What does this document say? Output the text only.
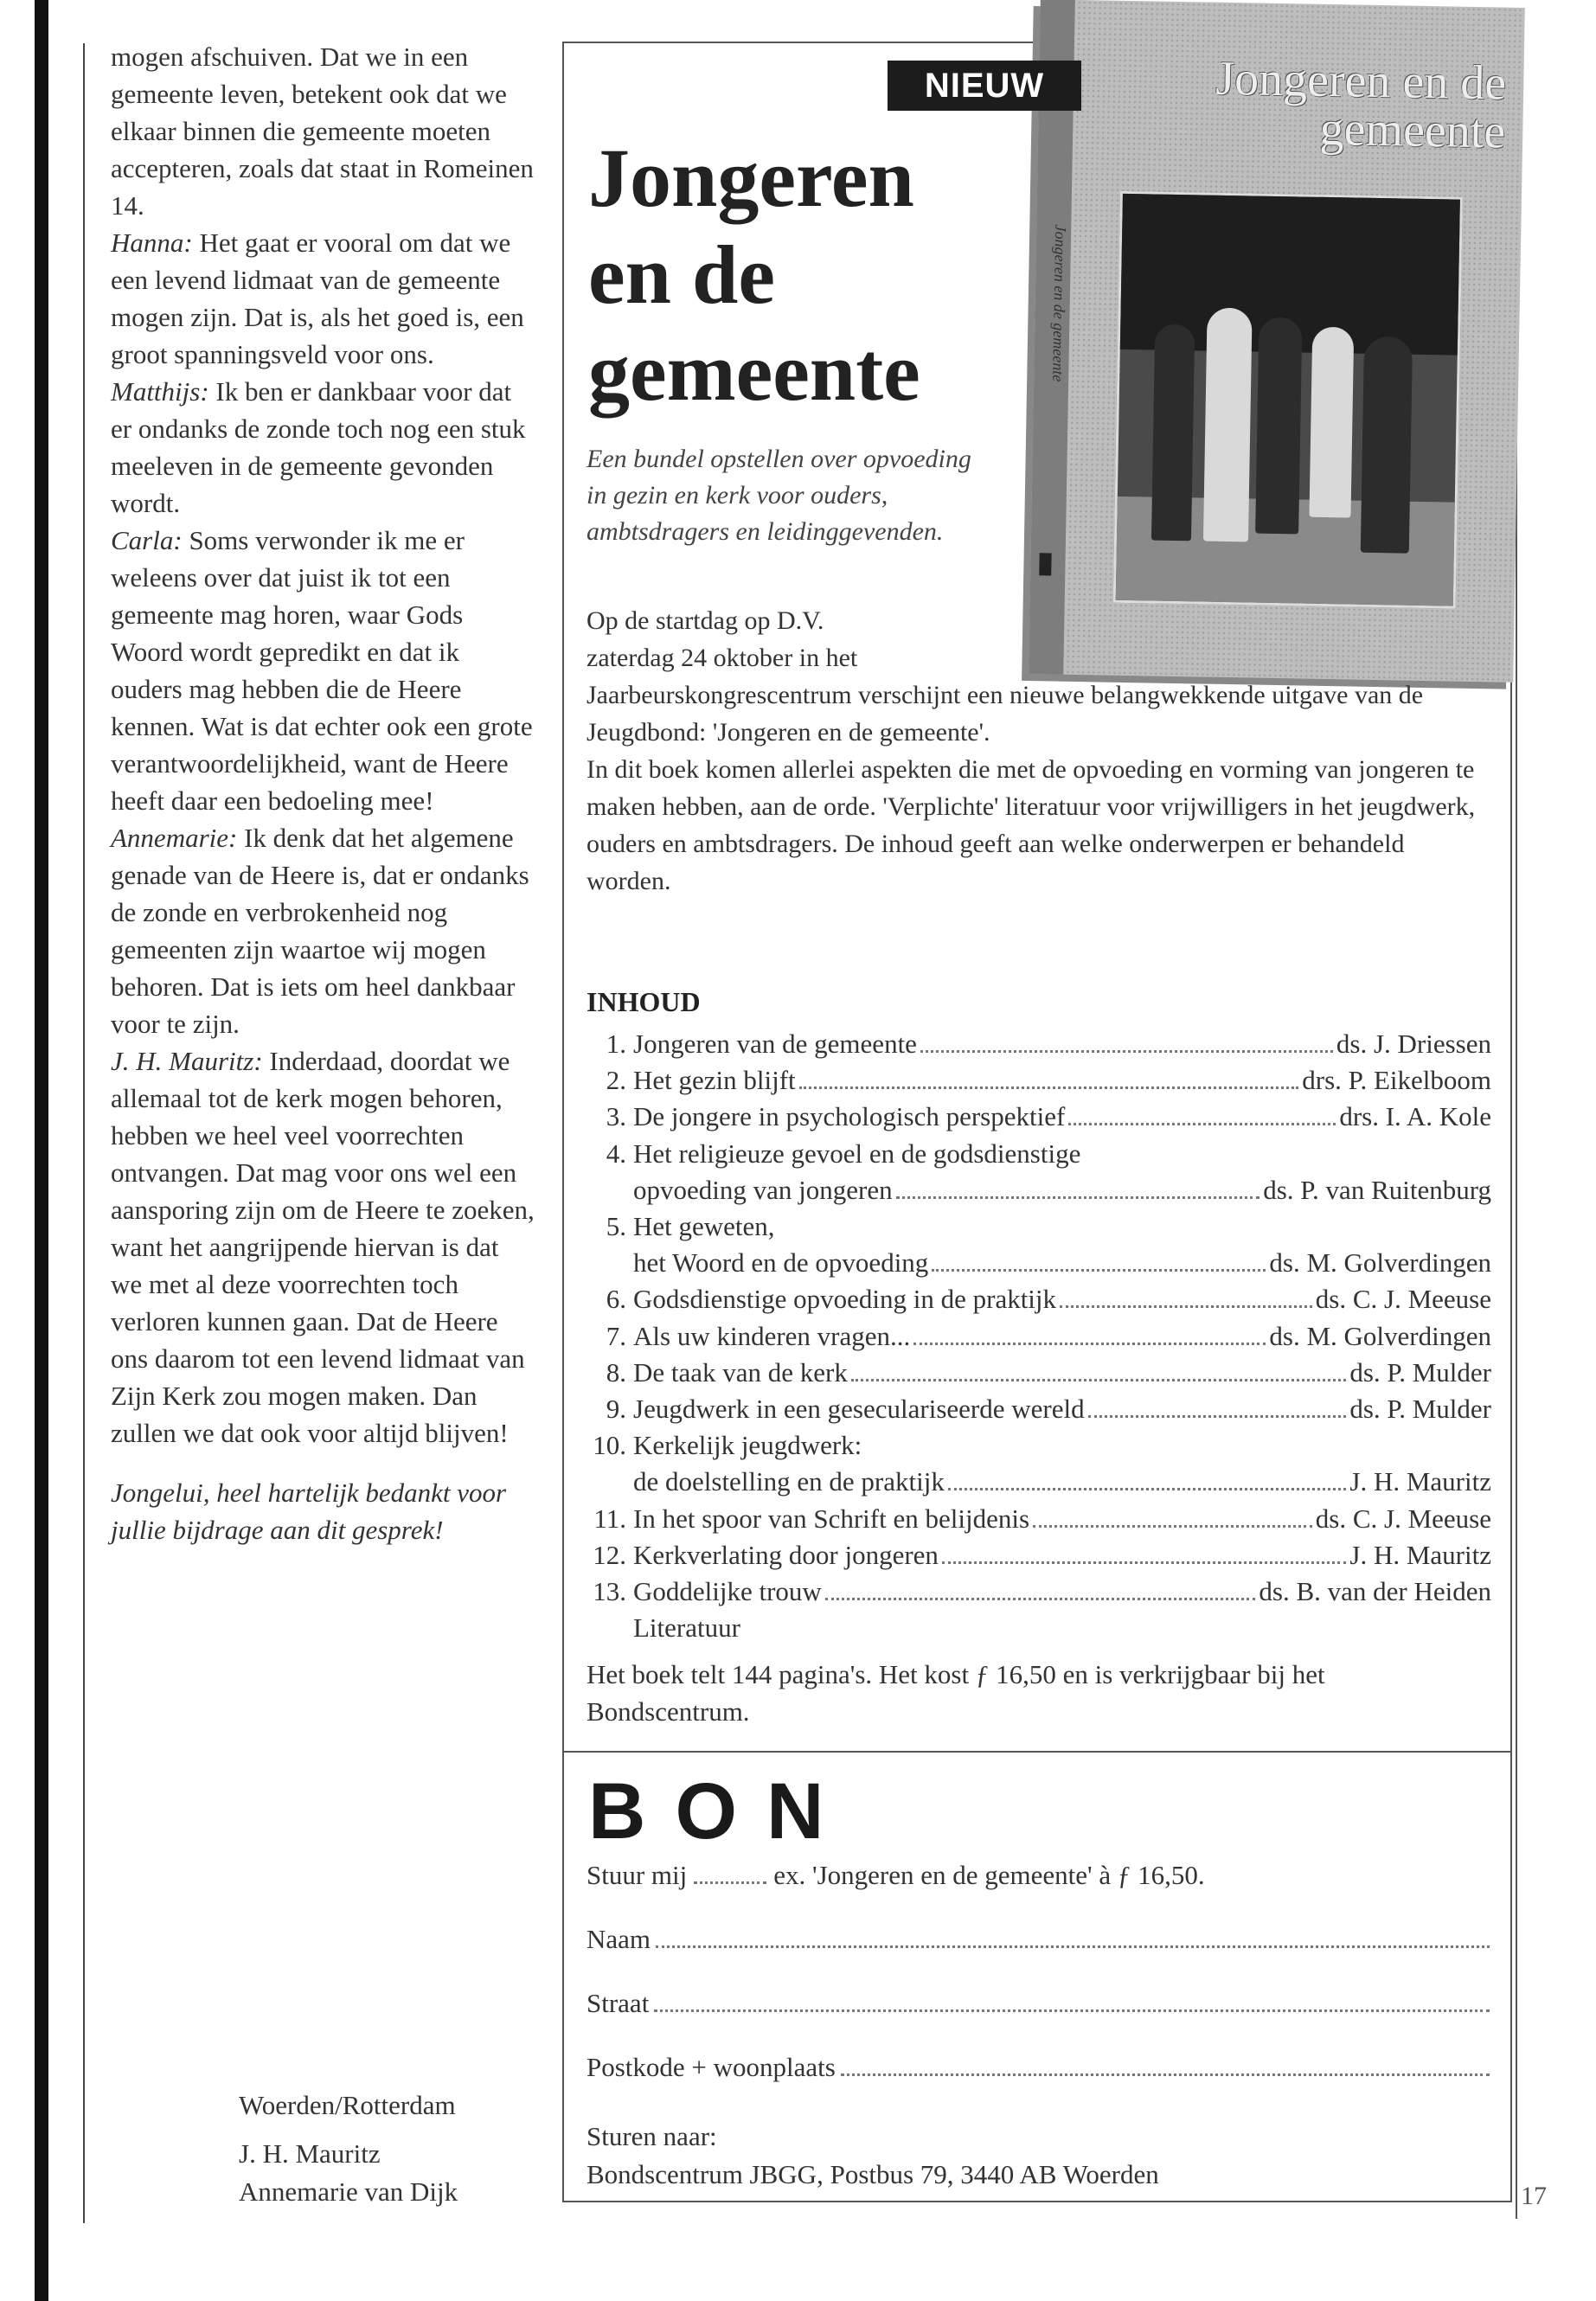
mogen afschuiven. Dat we in een gemeente leven, betekent ook dat we elkaar binnen die gemeente moeten accepteren, zoals dat staat in Romeinen 14.

Hanna: Het gaat er vooral om dat we een levend lidmaat van de gemeente mogen zijn. Dat is, als het goed is, een groot spanningsveld voor ons.

Matthijs: Ik ben er dankbaar voor dat er ondanks de zonde toch nog een stuk meeleven in de gemeente gevonden wordt.

Carla: Soms verwonder ik me er weleens over dat juist ik tot een gemeente mag horen, waar Gods Woord wordt gepredikt en dat ik ouders mag hebben die de Heere kennen. Wat is dat echter ook een grote verantwoordelijkheid, want de Heere heeft daar een bedoeling mee!

Annemarie: Ik denk dat het algemene genade van de Heere is, dat er ondanks de zonde en verbrokenheid nog gemeenten zijn waartoe wij mogen behoren. Dat is iets om heel dankbaar voor te zijn.

J. H. Mauritz: Inderdaad, doordat we allemaal tot de kerk mogen behoren, hebben we heel veel voorrechten ontvangen. Dat mag voor ons wel een aansporing zijn om de Heere te zoeken, want het aangrijpende hiervan is dat we met al deze voorrechten toch verloren kunnen gaan. Dat de Heere ons daarom tot een levend lidmaat van Zijn Kerk zou mogen maken. Dan zullen we dat ook voor altijd blijven!

Jongelui, heel hartelijk bedankt voor jullie bijdrage aan dit gesprek!

Woerden/Rotterdam
J. H. Mauritz
Annemarie van Dijk
Jongeren en de gemeente
Jongeren en de gemeente
NIEUW
Jongeren
en de
gemeente
Een bundel opstellen over opvoeding in gezin en kerk voor ouders, ambtsdragers en leidinggevenden.

Op de startdag op D.V.

zaterdag 24 oktober in het

Jaarbeurskongrescentrum verschijnt een nieuwe belangwekkende uitgave van de Jeugdbond: 'Jongeren en de gemeente'.

In dit boek komen allerlei aspekten die met de opvoeding en vorming van jongeren te maken hebben, aan de orde. 'Verplichte' literatuur voor vrijwilligers in het jeugdwerk, ouders en ambtsdragers. De inhoud geeft aan welke onderwerpen er behandeld worden.

INHOUD
1. Jongeren van de gemeente	ds. J. Driessen
2. Het gezin blijft	drs. P. Eikelboom
3. De jongere in psychologisch perspektief	drs. I. A. Kole
4. Het religieuze gevoel en de godsdienstige
opvoeding van jongeren	ds. P. van Ruitenburg
5. Het geweten,
het Woord en de opvoeding	ds. M. Golverdingen
6. Godsdienstige opvoeding in de praktijk	ds. C. J. Meeuse
7. Als uw kinderen vragen...	ds. M. Golverdingen
8. De taak van de kerk	ds. P. Mulder
9. Jeugdwerk in een geseculariseerde wereld	ds. P. Mulder
10. Kerkelijk jeugdwerk:
de doelstelling en de praktijk	J. H. Mauritz
11. In het spoor van Schrift en belijdenis	ds. C. J. Meeuse
12. Kerkverlating door jongeren	J. H. Mauritz
13. Goddelijke trouw	ds. B. van der Heiden
Literatuur

Het boek telt 144 pagina's. Het kost ƒ 16,50 en is verkrijgbaar bij het Bondscentrum.

BON
Stuur mij	ex. 'Jongeren en de gemeente' à ƒ 16,50.
Naam
Straat
Postkode + woonplaats
Sturen naar:
Bondscentrum JBGG, Postbus 79, 3440 AB Woerden
17
